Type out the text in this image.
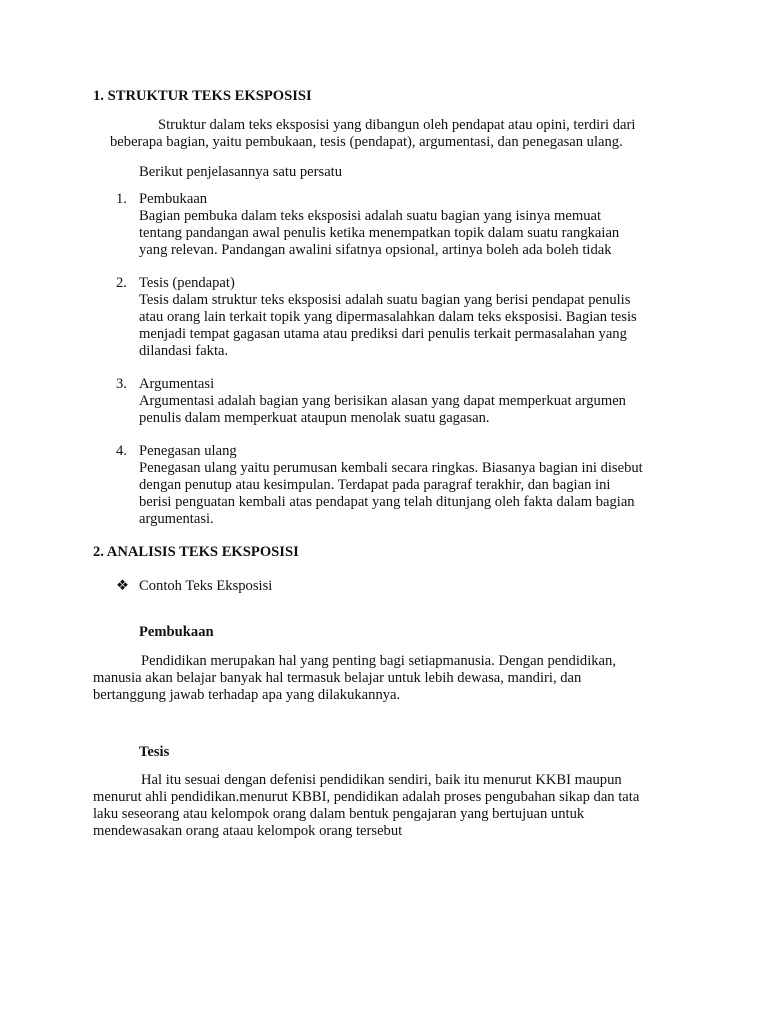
1. STRUKTUR TEKS EKSPOSISI
Struktur dalam teks eksposisi yang dibangun oleh pendapat atau opini, terdiri dari
beberapa bagian, yaitu pembukaan, tesis (pendapat), argumentasi, dan penegasan ulang.
Berikut penjelasannya satu persatu
1. Pembukaan
Bagian pembuka dalam teks eksposisi adalah suatu bagian yang isinya memuat
tentang pandangan awal penulis ketika menempatkan topik dalam suatu rangkaian
yang relevan. Pandangan awalini sifatnya opsional, artinya boleh ada boleh tidak
2. Tesis (pendapat)
Tesis dalam struktur teks eksposisi adalah suatu bagian yang berisi pendapat penulis
atau orang lain terkait topik yang dipermasalahkan dalam teks eksposisi. Bagian tesis
menjadi tempat gagasan utama atau prediksi dari penulis terkait permasalahan yang
dilandasi fakta.
3. Argumentasi
Argumentasi adalah bagian yang berisikan alasan yang dapat memperkuat argumen
penulis dalam memperkuat ataupun menolak suatu gagasan.
4. Penegasan ulang
Penegasan ulang yaitu perumusan kembali secara ringkas. Biasanya bagian ini disebut
dengan penutup atau kesimpulan. Terdapat pada paragraf terakhir, dan bagian ini
berisi penguatan kembali atas pendapat yang telah ditunjang oleh fakta dalam bagian
argumentasi.
2. ANALISIS TEKS EKSPOSISI
❖ Contoh Teks Eksposisi
Pembukaan
Pendidikan merupakan hal yang penting bagi setiapmanusia. Dengan pendidikan,
manusia akan belajar banyak hal termasuk belajar untuk lebih dewasa, mandiri, dan
bertanggung jawab terhadap apa yang dilakukannya.
Tesis
Hal itu sesuai dengan defenisi pendidikan sendiri, baik itu menurut KKBI maupun
menurut ahli pendidikan.menurut KBBI, pendidikan adalah proses pengubahan sikap dan tata
laku seseorang atau kelompok orang dalam bentuk pengajaran yang bertujuan untuk
mendewasakan orang ataau kelompok orang tersebut
